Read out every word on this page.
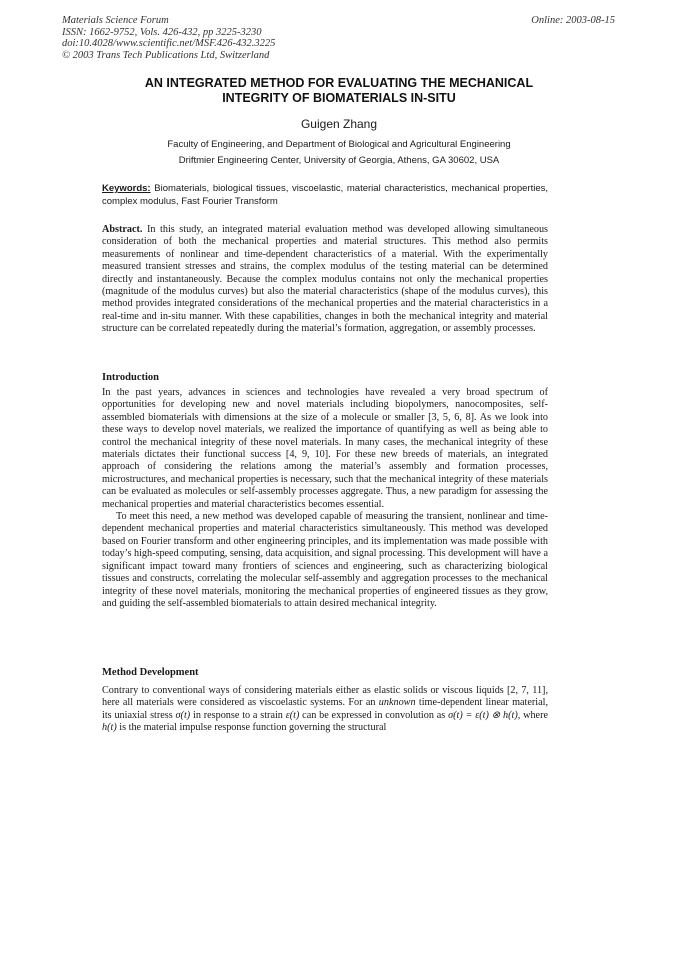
Materials Science Forum
ISSN: 1662-9752, Vols. 426-432, pp 3225-3230
doi:10.4028/www.scientific.net/MSF.426-432.3225
© 2003 Trans Tech Publications Ltd, Switzerland
Online: 2003-08-15
AN INTEGRATED METHOD FOR EVALUATING THE MECHANICAL
INTEGRITY OF BIOMATERIALS IN-SITU
Guigen Zhang
Faculty of Engineering, and Department of Biological and Agricultural Engineering
Driftmier Engineering Center, University of Georgia, Athens, GA 30602, USA
Keywords: Biomaterials, biological tissues, viscoelastic, material characteristics, mechanical properties, complex modulus, Fast Fourier Transform
Abstract. In this study, an integrated material evaluation method was developed allowing simultaneous consideration of both the mechanical properties and material structures. This method also permits measurements of nonlinear and time-dependent characteristics of a material. With the experimentally measured transient stresses and strains, the complex modulus of the testing material can be determined directly and instantaneously. Because the complex modulus contains not only the mechanical properties (magnitude of the modulus curves) but also the material characteristics (shape of the modulus curves), this method provides integrated considerations of the mechanical properties and the material characteristics in a real-time and in-situ manner. With these capabilities, changes in both the mechanical integrity and material structure can be correlated repeatedly during the material’s formation, aggregation, or assembly processes.
Introduction

In the past years, advances in sciences and technologies have revealed a very broad spectrum of opportunities for developing new and novel materials including biopolymers, nanocomposites, self-assembled biomaterials with dimensions at the size of a molecule or smaller [3, 5, 6, 8]. As we look into these ways to develop novel materials, we realized the importance of quantifying as well as being able to control the mechanical integrity of these novel materials. In many cases, the mechanical integrity of these materials dictates their functional success [4, 9, 10]. For these new breeds of materials, an integrated approach of considering the relations among the material’s assembly and formation processes, microstructures, and mechanical properties is necessary, such that the mechanical integrity of these materials can be evaluated as molecules or self-assembly processes aggregate. Thus, a new paradigm for assessing the mechanical properties and material characteristics becomes essential.

To meet this need, a new method was developed capable of measuring the transient, nonlinear and time-dependent mechanical properties and material characteristics simultaneously. This method was developed based on Fourier transform and other engineering principles, and its implementation was made possible with today’s high-speed computing, sensing, data acquisition, and signal processing. This development will have a significant impact toward many frontiers of sciences and engineering, such as characterizing biological tissues and constructs, correlating the molecular self-assembly and aggregation processes to the mechanical integrity of these novel materials, monitoring the mechanical properties of engineered tissues as they grow, and guiding the self-assembled biomaterials to attain desired mechanical integrity.

Method Development
Contrary to conventional ways of considering materials either as elastic solids or viscous liquids [2, 7, 11], here all materials were considered as viscoelastic systems. For an unknown time-dependent linear material, its uniaxial stress σ(t) in response to a strain ε(t) can be expressed in convolution as σ(t) = ε(t) ⊗ h(t), where h(t) is the material impulse response function governing the structural
